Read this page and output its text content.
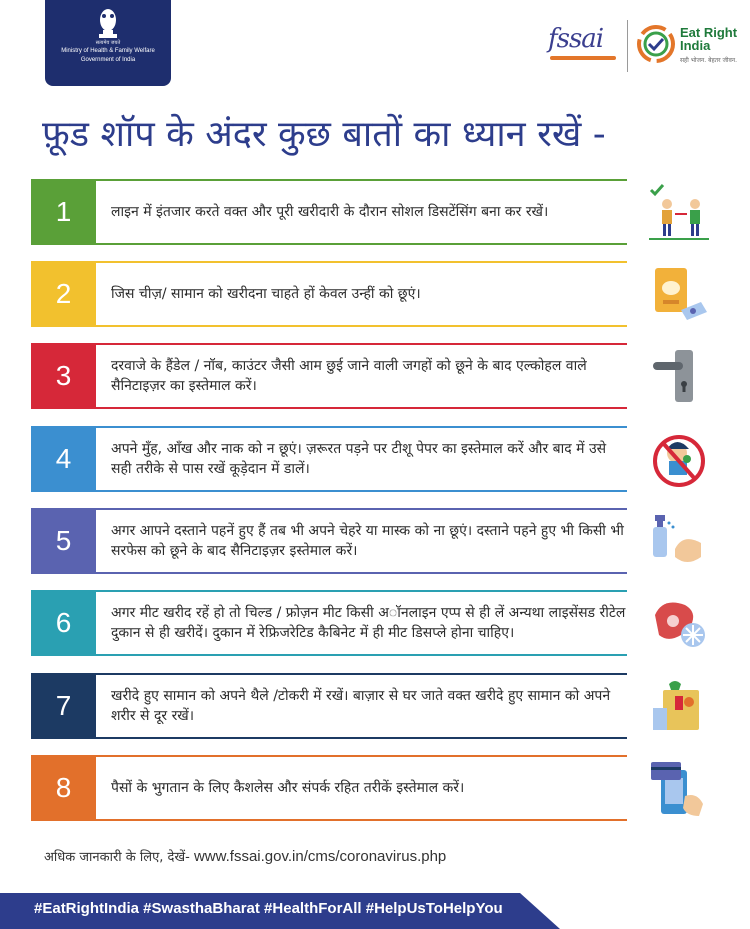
सत्यमेव जयते
Ministry of Health & Family Welfare
Government of India
fssai	Eat Right India
सही भोजन. बेहतर जीवन.
फ़ूड शॉप के अंदर कुछ बातों का ध्यान रखें -
1	लाइन में इंतजार करते वक्त और पूरी खरीदारी के दौरान सोशल डिसटेंसिंग बना कर रखें।
2	जिस चीज़/ सामान को खरीदना चाहते हों केवल उन्हीं को छूएं।
3	दरवाजे के हैंडेल / नॉब, काउंटर जैसी आम छुई जाने वाली जगहों को छूने के बाद एल्कोहल वाले सैनिटाइज़र का इस्तेमाल करें।
4	अपने मुँह, आँख और नाक को न छूएं। ज़रूरत पड़ने पर टीशू पेपर का इस्तेमाल करें और बाद में उसे सही तरीके से पास रखें कूड़ेदान में डालें।
5	अगर आपने दस्ताने पहनें हुए हैं तब भी अपने चेहरे या मास्क को ना छूएं। दस्ताने पहने हुए भी किसी भी सरफेस को छूने के बाद सैनिटाइज़र इस्तेमाल करें।
6	अगर मीट खरीद रहें हो तो चिल्ड / फ्रोज़न मीट किसी अ◌ॉनलाइन एप्प से ही लें अन्यथा लाइसेंसड रीटेल दुकान से ही खरीदें। दुकान में रेफ्रिजरेटिड कैबिनेट में ही मीट डिसप्ले होना चाहिए।
7	खरीदे हुए सामान को अपने थैले /टोकरी में रखें। बाज़ार से घर जाते वक्त खरीदे हुए सामान को अपने शरीर से दूर रखें।
8	पैसों के भुगतान के लिए कैशलेस और संपर्क रहित तरीकें इस्तेमाल करें।
अधिक जानकारी के लिए, देखें- www.fssai.gov.in/cms/coronavirus.php
#EatRightIndia #SwasthaBharat #HealthForAll #HelpUsToHelpYou
